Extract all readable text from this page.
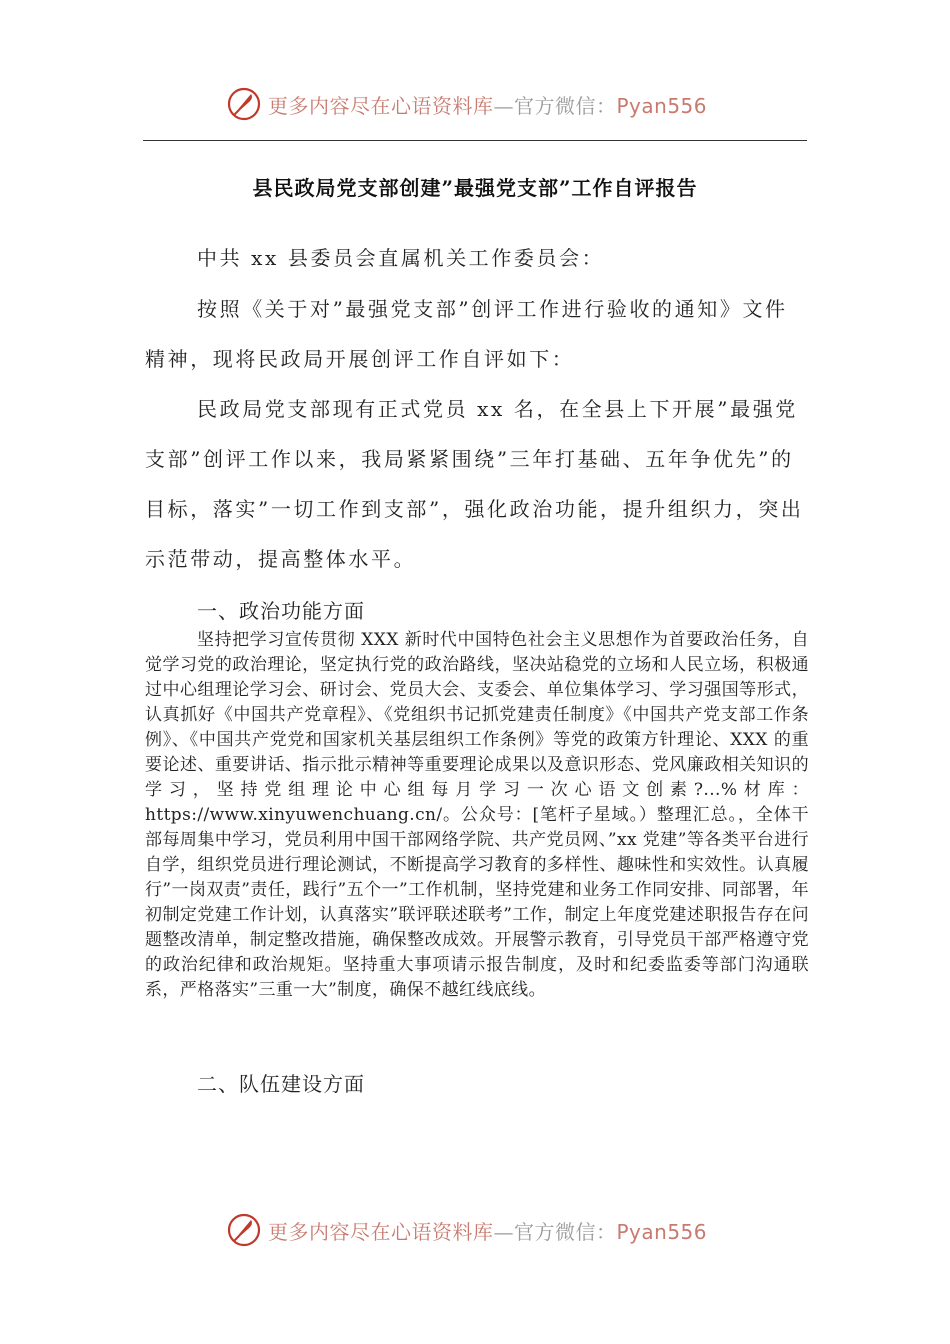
更多内容尽在心语资料库—官方微信：Pyan556
县民政局党支部创建”最强党支部”工作自评报告
中共 xx 县委员会直属机关工作委员会：
按照《关于对”最强党支部”创评工作进行验收的通知》文件精神，现将民政局开展创评工作自评如下：
民政局党支部现有正式党员 xx 名，在全县上下开展”最强党支部”创评工作以来，我局紧紧围绕”三年打基础、五年争优先”的目标，落实”一切工作到支部”，强化政治功能，提升组织力，突出示范带动，提高整体水平。
一、政治功能方面
坚持把学习宣传贯彻 XXX 新时代中国特色社会主义思想作为首要政治任务，自觉学习党的政治理论，坚定执行党的政治路线，坚决站稳党的立场和人民立场，积极通过中心组理论学习会、研讨会、党员大会、支委会、单位集体学习、学习强国等形式，认真抓好《中国共产党章程》、《党组织书记抓党建责任制度》《中国共产党支部工作条例》、《中国共产党党和国家机关基层组织工作条例》等党的政策方针理论、XXX 的重要论述、重要讲话、指示批示精神等重要理论成果以及意识形态、党风廉政相关知识的学习，坚持党组理论中心组每月学习一次心语文创素?...%材库：https://www.xinyuwenchuang.cn/。公众号：[笔杆子星域。）整理汇总。，全体干部每周集中学习，党员利用中国干部网络学院、共产党员网、”xx 党建”等各类平台进行自学，组织党员进行理论测试，不断提高学习教育的多样性、趣味性和实效性。认真履行”一岗双责”责任，践行”五个一”工作机制，坚持党建和业务工作同安排、同部署，年初制定党建工作计划，认真落实”联评联述联考”工作，制定上年度党建述职报告存在问题整改清单，制定整改措施，确保整改成效。开展警示教育，引导党员干部严格遵守党的政治纪律和政治规矩。坚持重大事项请示报告制度，及时和纪委监委等部门沟通联系，严格落实”三重一大”制度，确保不越红线底线。
二、队伍建设方面
更多内容尽在心语资料库—官方微信：Pyan556
